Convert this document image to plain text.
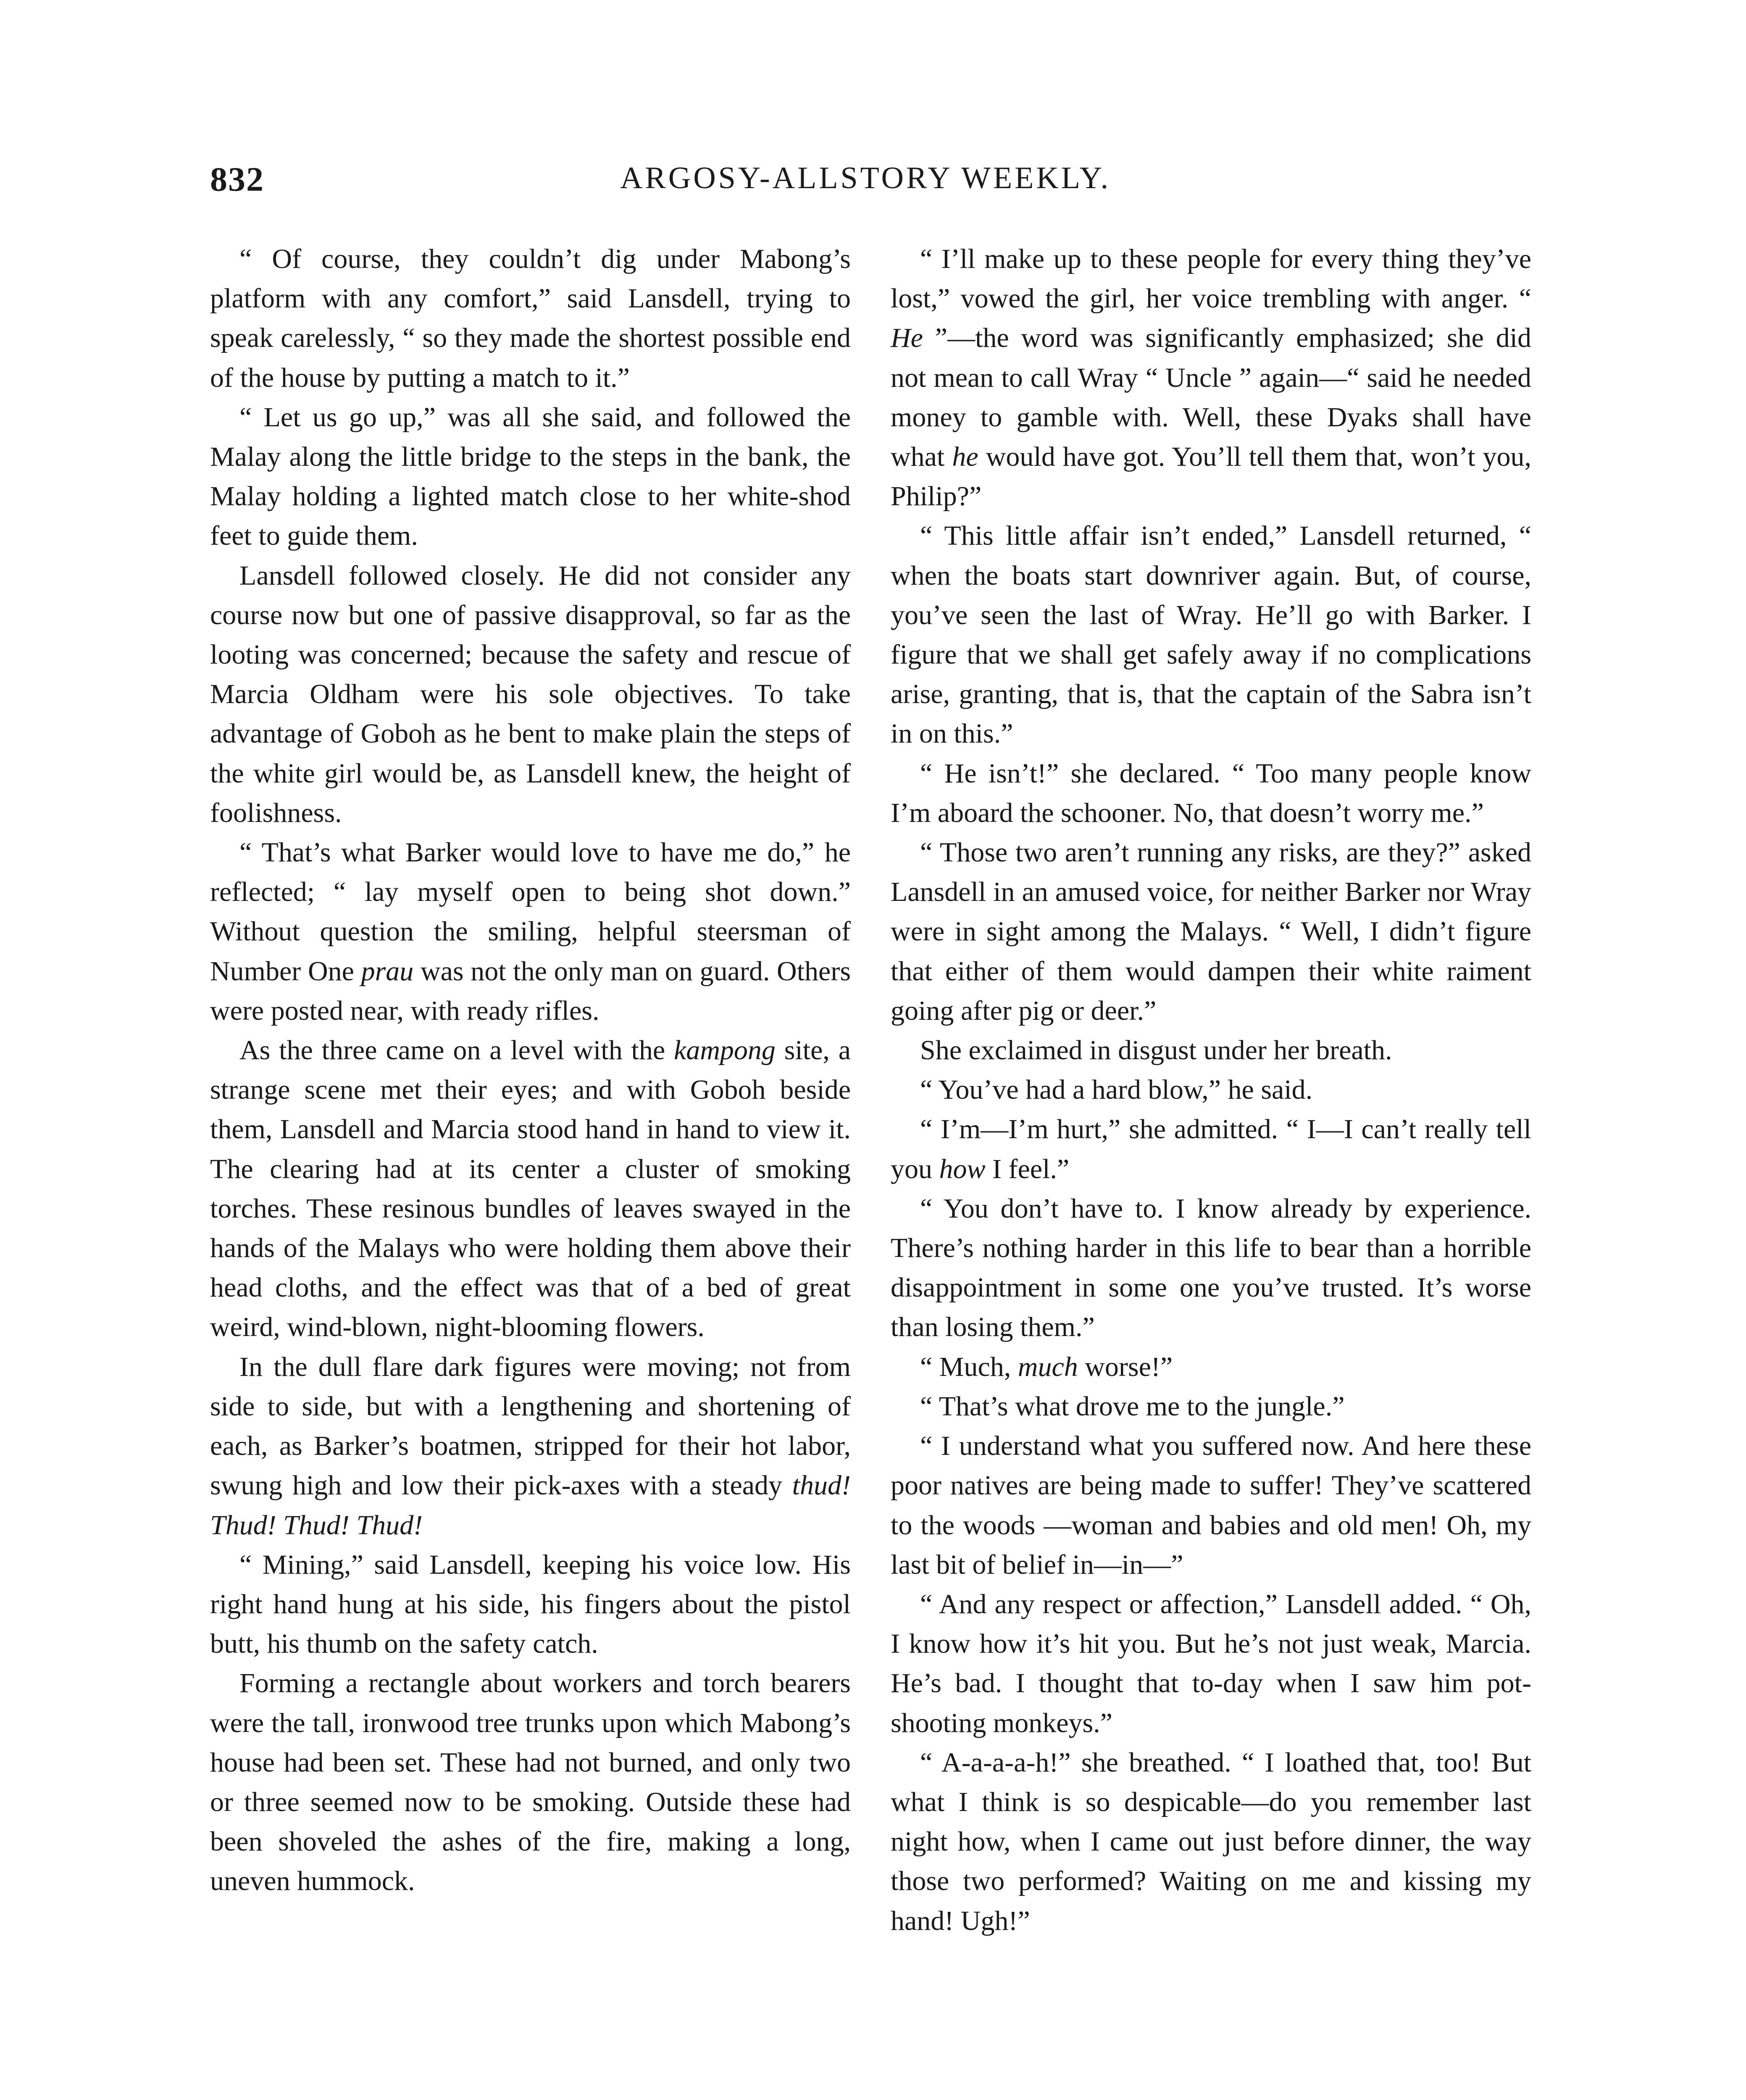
832	ARGOSY-ALLSTORY WEEKLY.

“ Of course, they couldn’t dig under Mabong’s platform with any comfort,” said Lansdell, trying to speak carelessly, “ so they made the shortest possible end of the house by putting a match to it.”

“ Let us go up,” was all she said, and followed the Malay along the little bridge to the steps in the bank, the Malay holding a lighted match close to her white-shod feet to guide them.

Lansdell followed closely. He did not consider any course now but one of passive disapproval, so far as the looting was concerned; because the safety and rescue of Marcia Oldham were his sole objectives. To take advantage of Goboh as he bent to make plain the steps of the white girl would be, as Lansdell knew, the height of foolishness.

“ That’s what Barker would love to have me do,” he reflected; “ lay myself open to being shot down.” Without question the smiling, helpful steersman of Number One prau was not the only man on guard. Others were posted near, with ready rifles.

As the three came on a level with the kampong site, a strange scene met their eyes; and with Goboh beside them, Lansdell and Marcia stood hand in hand to view it. The clearing had at its center a cluster of smoking torches. These resinous bundles of leaves swayed in the hands of the Malays who were holding them above their head cloths, and the effect was that of a bed of great weird, wind-blown, night-blooming flowers.

In the dull flare dark figures were moving; not from side to side, but with a lengthening and shortening of each, as Barker’s boatmen, stripped for their hot labor, swung high and low their pick-axes with a steady thud! Thud! Thud! Thud!

“ Mining,” said Lansdell, keeping his voice low. His right hand hung at his side, his fingers about the pistol butt, his thumb on the safety catch.

Forming a rectangle about workers and torch bearers were the tall, ironwood tree trunks upon which Mabong’s house had been set. These had not burned, and only two or three seemed now to be smoking. Outside these had been shoveled the ashes of the fire, making a long, uneven hummock.

“ I’ll make up to these people for every thing they’ve lost,” vowed the girl, her voice trembling with anger. “ He ”—the word was significantly emphasized; she did not mean to call Wray “ Uncle ” again—“ said he needed money to gamble with. Well, these Dyaks shall have what he would have got. You’ll tell them that, won’t you, Philip?”

“ This little affair isn’t ended,” Lansdell returned, “ when the boats start downriver again. But, of course, you’ve seen the last of Wray. He’ll go with Barker. I figure that we shall get safely away if no complications arise, granting, that is, that the captain of the Sabra isn’t in on this.”

“ He isn’t!” she declared. “ Too many people know I’m aboard the schooner. No, that doesn’t worry me.”

“ Those two aren’t running any risks, are they?” asked Lansdell in an amused voice, for neither Barker nor Wray were in sight among the Malays. “ Well, I didn’t figure that either of them would dampen their white raiment going after pig or deer.”

She exclaimed in disgust under her breath.

“ You’ve had a hard blow,” he said.

“ I’m—I’m hurt,” she admitted. “ I—I can’t really tell you how I feel.”

“ You don’t have to. I know already by experience. There’s nothing harder in this life to bear than a horrible disappointment in some one you’ve trusted. It’s worse than losing them.”

“ Much, much worse!”

“ That’s what drove me to the jungle.”

“ I understand what you suffered now. And here these poor natives are being made to suffer! They’ve scattered to the woods —woman and babies and old men! Oh, my last bit of belief in—in—”

“ And any respect or affection,” Lansdell added. “ Oh, I know how it’s hit you. But he’s not just weak, Marcia. He’s bad. I thought that to-day when I saw him pot-shooting monkeys.”

“ A-a-a-a-h!” she breathed. “ I loathed that, too! But what I think is so despicable—do you remember last night how, when I came out just before dinner, the way those two performed? Waiting on me and kissing my hand! Ugh!”
